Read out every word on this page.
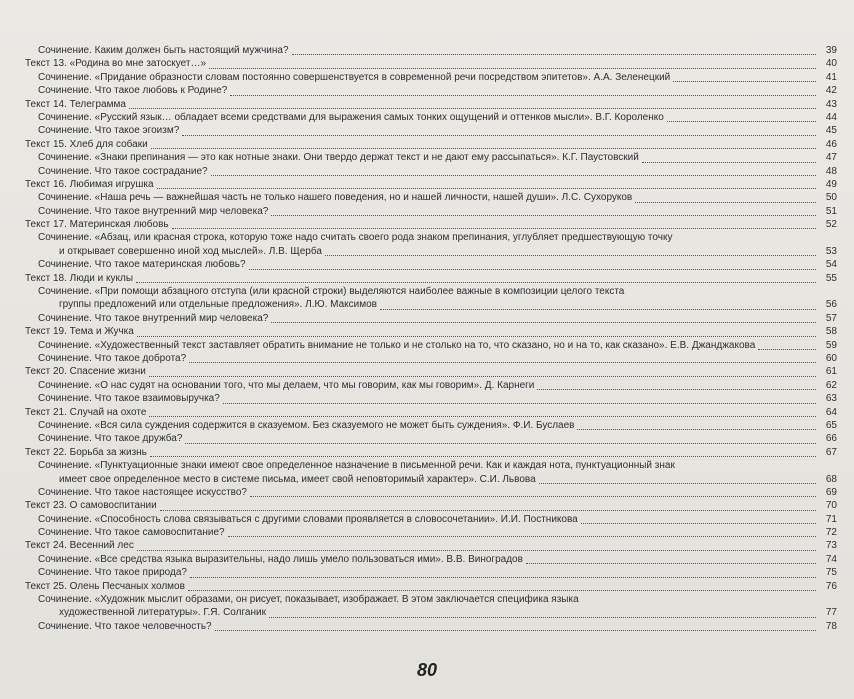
Сочинение. Каким должен быть настоящий мужчина?	39
Текст 13. «Родина во мне затоскует…»	40
Сочинение. «Придание образности словам постоянно совершенствуется в современной речи посредством эпитетов». А.А. Зеленецкий	41
Сочинение. Что такое любовь к Родине?	42
Текст 14. Телеграмма	43
Сочинение. «Русский язык… обладает всеми средствами для выражения самых тонких ощущений и оттенков мысли». В.Г. Короленко	44
Сочинение. Что такое эгоизм?	45
Текст 15. Хлеб для собаки	46
Сочинение. «Знаки препинания — это как нотные знаки. Они твердо держат текст и не дают ему рассыпаться». К.Г. Паустовский	47
Сочинение. Что такое сострадание?	48
Текст 16. Любимая игрушка	49
Сочинение. «Наша речь — важнейшая часть не только нашего поведения, но и нашей личности, нашей души». Л.С. Сухоруков	50
Сочинение. Что такое внутренний мир человека?	51
Текст 17. Материнская любовь	52
Сочинение. «Абзац, или красная строка, которую тоже надо считать своего рода знаком препинания, углубляет предшествующую точку
и открывает совершенно иной ход мыслей». Л.В. Щерба	53
Сочинение. Что такое материнская любовь?	54
Текст 18. Люди и куклы	55
Сочинение. «При помощи абзацного отступа (или красной строки) выделяются наиболее важные в композиции целого текста
группы предложений или отдельные предложения». Л.Ю. Максимов	56
Сочинение. Что такое внутренний мир человека?	57
Текст 19. Тема и Жучка	58
Сочинение. «Художественный текст заставляет обратить внимание не только и не столько на то, что сказано, но и на то, как сказано». Е.В. Джанджакова	59
Сочинение. Что такое доброта?	60
Текст 20. Спасение жизни	61
Сочинение. «О нас судят на основании того, что мы делаем, что мы говорим, как мы говорим». Д. Карнеги	62
Сочинение. Что такое взаимовыручка?	63
Текст 21. Случай на охоте	64
Сочинение. «Вся сила суждения содержится в сказуемом. Без сказуемого не может быть суждения». Ф.И. Буслаев	65
Сочинение. Что такое дружба?	66
Текст 22. Борьба за жизнь	67
Сочинение. «Пунктуационные знаки имеют свое определенное назначение в письменной речи. Как и каждая нота, пунктуационный знак
имеет свое определенное место в системе письма, имеет свой неповторимый характер». С.И. Львова	68
Сочинение. Что такое настоящее искусство?	69
Текст 23. О самовоспитании	70
Сочинение. «Способность слова связываться с другими словами проявляется в словосочетании». И.И. Постникова	71
Сочинение. Что такое самовоспитание?	72
Текст 24. Весенний лес	73
Сочинение. «Все средства языка выразительны, надо лишь умело пользоваться ими». В.В. Виноградов	74
Сочинение. Что такое природа?	75
Текст 25. Олень Песчаных холмов	76
Сочинение. «Художник мыслит образами, он рисует, показывает, изображает. В этом заключается специфика языка
художественной литературы». Г.Я. Солганик	77
Сочинение. Что такое человечность?	78
80
